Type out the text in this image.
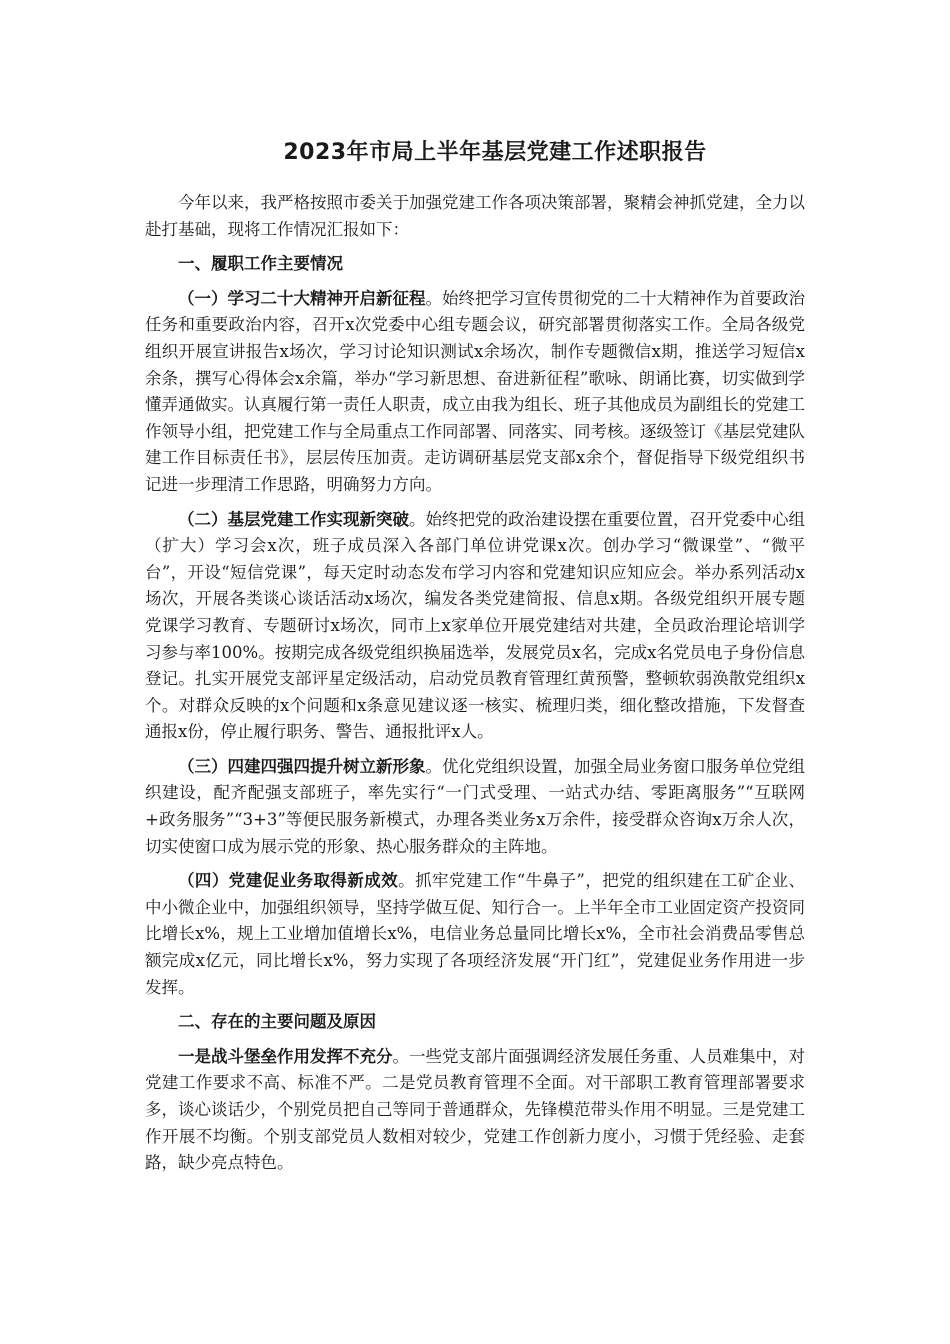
2023年市局上半年基层党建工作述职报告

今年以来，我严格按照市委关于加强党建工作各项决策部署，聚精会神抓党建，全力以赴打基础，现将工作情况汇报如下：

一、履职工作主要情况

（一）学习二十大精神开启新征程。始终把学习宣传贯彻党的二十大精神作为首要政治任务和重要政治内容，召开x次党委中心组专题会议，研究部署贯彻落实工作。全局各级党组织开展宣讲报告x场次，学习讨论知识测试x余场次，制作专题微信x期，推送学习短信x余条，撰写心得体会x余篇，举办“学习新思想、奋进新征程”歌咏、朗诵比赛，切实做到学懂弄通做实。认真履行第一责任人职责，成立由我为组长、班子其他成员为副组长的党建工作领导小组，把党建工作与全局重点工作同部署、同落实、同考核。逐级签订《基层党建队建工作目标责任书》，层层传压加责。走访调研基层党支部x余个，督促指导下级党组织书记进一步理清工作思路，明确努力方向。

（二）基层党建工作实现新突破。始终把党的政治建设摆在重要位置，召开党委中心组（扩大）学习会x次，班子成员深入各部门单位讲党课x次。创办学习“微课堂”、“微平台”，开设“短信党课”，每天定时动态发布学习内容和党建知识应知应会。举办系列活动x场次，开展各类谈心谈话活动x场次，编发各类党建简报、信息x期。各级党组织开展专题党课学习教育、专题研讨x场次，同市上x家单位开展党建结对共建，全员政治理论培训学习参与率100%。按期完成各级党组织换届选举，发展党员x名，完成x名党员电子身份信息登记。扎实开展党支部评星定级活动，启动党员教育管理红黄预警，整顿软弱涣散党组织x个。对群众反映的x个问题和x条意见建议逐一核实、梳理归类，细化整改措施，下发督查通报x份，停止履行职务、警告、通报批评x人。

（三）四建四强四提升树立新形象。优化党组织设置，加强全局业务窗口服务单位党组织建设，配齐配强支部班子，率先实行“一门式受理、一站式办结、零距离服务”“互联网+政务服务”“3+3”等便民服务新模式，办理各类业务x万余件，接受群众咨询x万余人次，切实使窗口成为展示党的形象、热心服务群众的主阵地。

（四）党建促业务取得新成效。抓牢党建工作“牛鼻子”，把党的组织建在工矿企业、中小微企业中，加强组织领导，坚持学做互促、知行合一。上半年全市工业固定资产投资同比增长x%，规上工业增加值增长x%，电信业务总量同比增长x%，全市社会消费品零售总额完成x亿元，同比增长x%，努力实现了各项经济发展“开门红”，党建促业务作用进一步发挥。

二、存在的主要问题及原因

一是战斗堡垒作用发挥不充分。一些党支部片面强调经济发展任务重、人员难集中，对党建工作要求不高、标准不严。二是党员教育管理不全面。对干部职工教育管理部署要求多，谈心谈话少，个别党员把自己等同于普通群众，先锋模范带头作用不明显。三是党建工作开展不均衡。个别支部党员人数相对较少，党建工作创新力度小，习惯于凭经验、走套路，缺少亮点特色。
